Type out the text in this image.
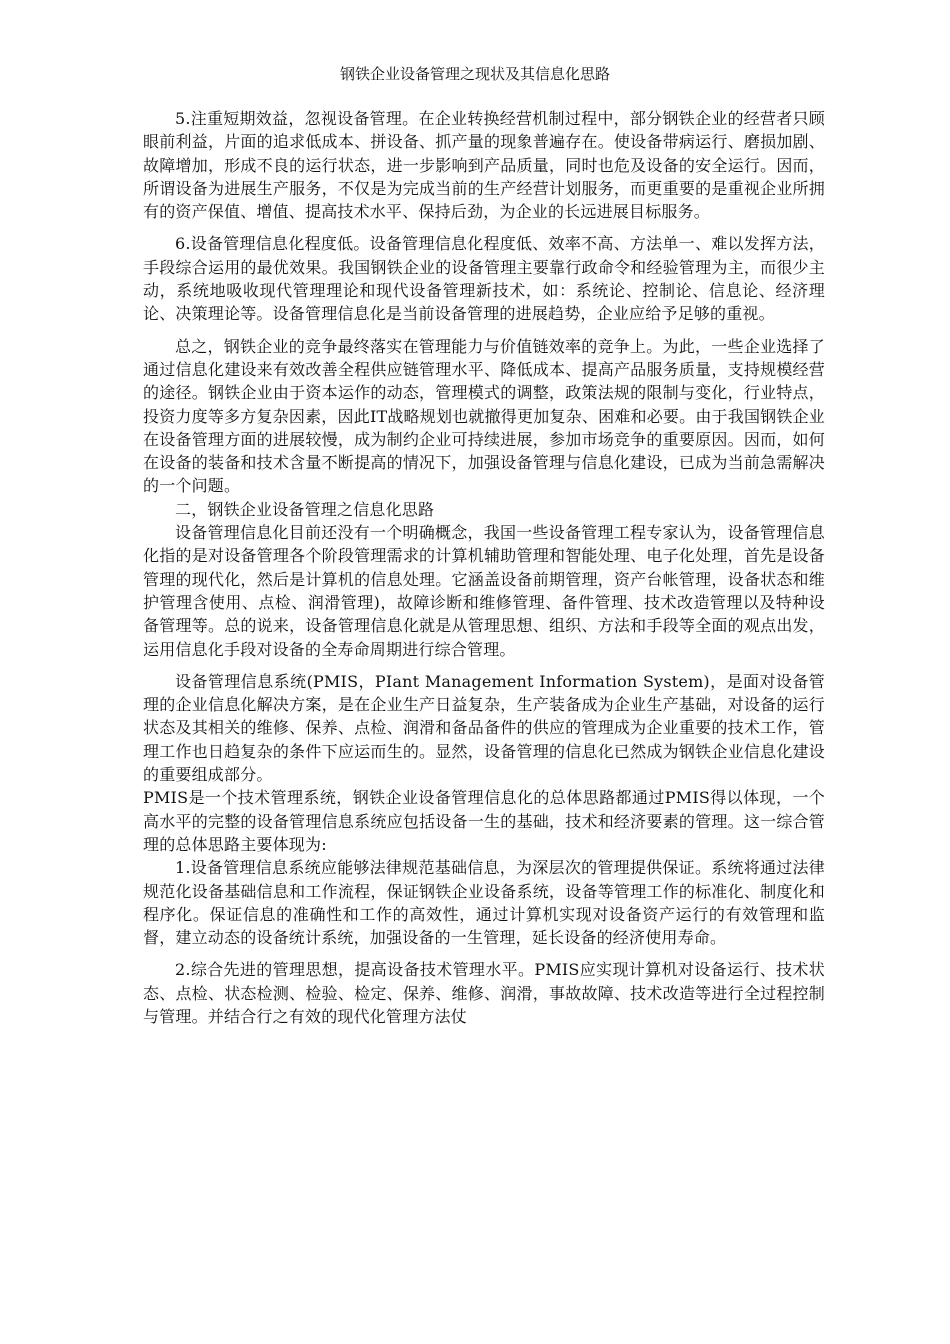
钢铁企业设备管理之现状及其信息化思路

5.注重短期效益，忽视设备管理。在企业转换经营机制过程中，部分钢铁企业的经营者只顾眼前利益，片面的追求低成本、拼设备、抓产量的现象普遍存在。使设备带病运行、磨损加剧、故障增加，形成不良的运行状态，进一步影响到产品质量，同时也危及设备的安全运行。因而，所谓设备为进展生产服务，不仅是为完成当前的生产经营计划服务，而更重要的是重视企业所拥有的资产保值、增值、提高技术水平、保持后劲，为企业的长远进展目标服务。

6.设备管理信息化程度低。设备管理信息化程度低、效率不高、方法单一、难以发挥方法，手段综合运用的最优效果。我国钢铁企业的设备管理主要靠行政命令和经验管理为主，而很少主动，系统地吸收现代管理理论和现代设备管理新技术，如：系统论、控制论、信息论、经济理论、决策理论等。设备管理信息化是当前设备管理的进展趋势，企业应给予足够的重视。

总之，钢铁企业的竞争最终落实在管理能力与价值链效率的竞争上。为此，一些企业选择了通过信息化建设来有效改善全程供应链管理水平、降低成本、提高产品服务质量，支持规模经营的途径。钢铁企业由于资本运作的动态，管理模式的调整，政策法规的限制与变化，行业特点，投资力度等多方复杂因素，因此IT战略规划也就撤得更加复杂、困难和必要。由于我国钢铁企业在设备管理方面的进展较慢，成为制约企业可持续进展，参加市场竞争的重要原因。因而，如何在设备的装备和技术含量不断提高的情况下，加强设备管理与信息化建设，已成为当前急需解决的一个问题。

二，钢铁企业设备管理之信息化思路

设备管理信息化目前还没有一个明确概念，我国一些设备管理工程专家认为，设备管理信息化指的是对设备管理各个阶段管理需求的计算机辅助管理和智能处理、电子化处理，首先是设备管理的现代化，然后是计算机的信息处理。它涵盖设备前期管理，资产台帐管理，设备状态和维护管理含使用、点检、润滑管理)，故障诊断和维修管理、备件管理、技术改造管理以及特种设备管理等。总的说来，设备管理信息化就是从管理思想、组织、方法和手段等全面的观点出发，运用信息化手段对设备的全寿命周期进行综合管理。

设备管理信息系统(PMIS，PIant Management Information System)，是面对设备管理的企业信息化解决方案，是在企业生产日益复杂，生产装备成为企业生产基础，对设备的运行状态及其相关的维修、保养、点检、润滑和备品备件的供应的管理成为企业重要的技术工作，管理工作也日趋复杂的条件下应运而生的。显然，设备管理的信息化已然成为钢铁企业信息化建设的重要组成部分。

PMIS是一个技术管理系统，钢铁企业设备管理信息化的总体思路都通过PMIS得以体现，一个高水平的完整的设备管理信息系统应包括设备一生的基础，技术和经济要素的管理。这一综合管理的总体思路主要体现为:

1.设备管理信息系统应能够法律规范基础信息，为深层次的管理提供保证。系统将通过法律规范化设备基础信息和工作流程，保证钢铁企业设备系统，设备等管理工作的标准化、制度化和程序化。保证信息的准确性和工作的高效性，通过计算机实现对设备资产运行的有效管理和监督，建立动态的设备统计系统，加强设备的一生管理，延长设备的经济使用寿命。

2.综合先进的管理思想，提高设备技术管理水平。PMIS应实现计算机对设备运行、技术状态、点检、状态检测、检验、检定、保养、维修、润滑，事故故障、技术改造等进行全过程控制与管理。并结合行之有效的现代化管理方法仗
